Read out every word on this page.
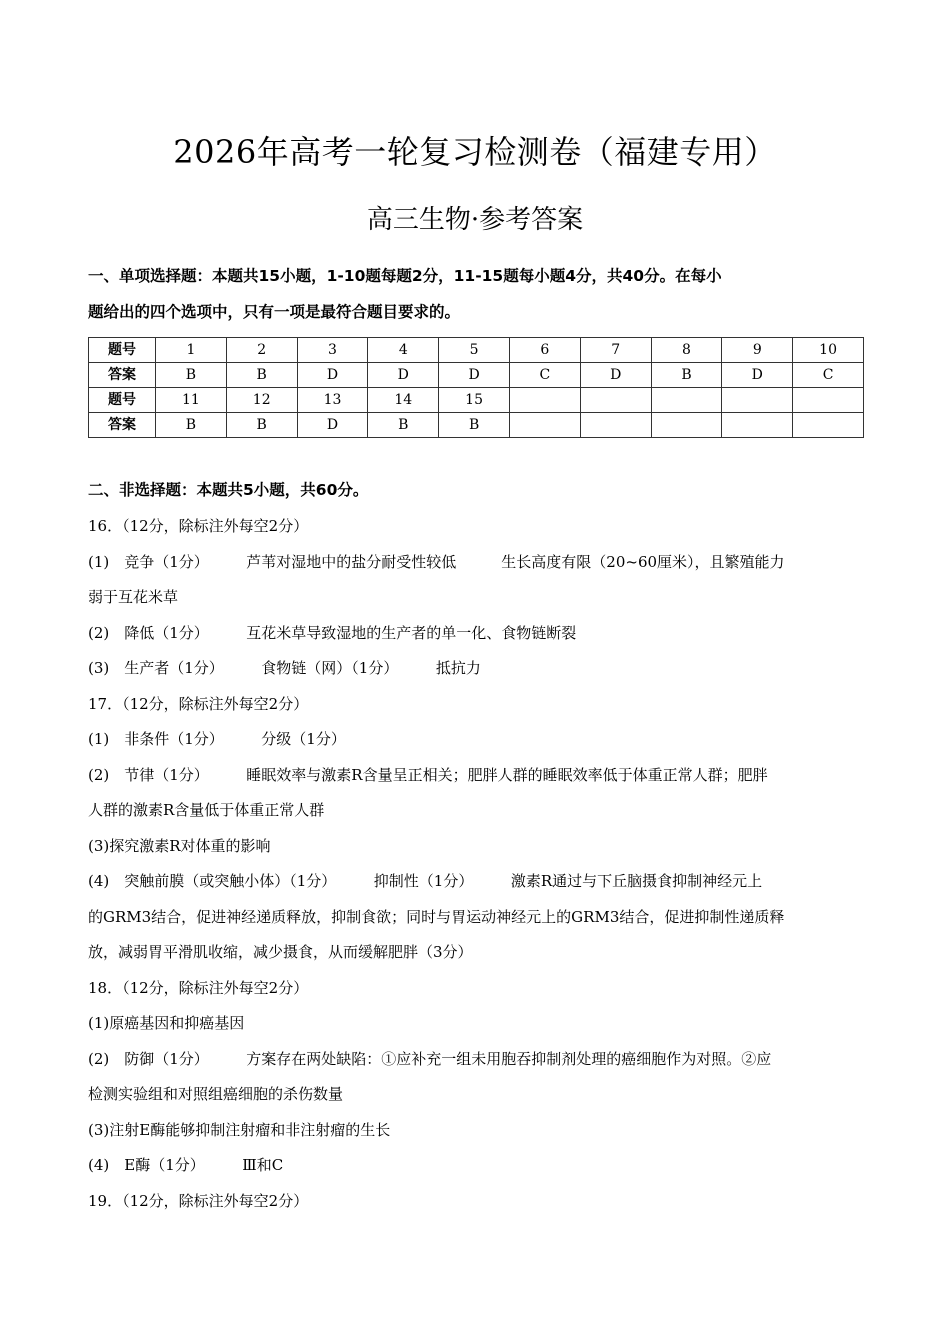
2026年高考一轮复习检测卷（福建专用）
高三生物·参考答案
一、单项选择题：本题共15小题，1-10题每题2分，11-15题每小题4分，共40分。在每小
题给出的四个选项中，只有一项是最符合题目要求的。
题号	1	2	3	4	5	6	7	8	9	10
答案	B	B	D	D	D	C	D	B	D	C
题号	11	12	13	14	15					
答案	B	B	D	B	B					
二、非选择题：本题共5小题，共60分。
16．（12分，除标注外每空2分）
(1)　竞争（1分）　　　芦苇对湿地中的盐分耐受性较低　　　生长高度有限（20~60厘米），且繁殖能力
弱于互花米草
(2)　降低（1分）　　　互花米草导致湿地的生产者的单一化、食物链断裂
(3)　生产者（1分）　　　食物链（网）（1分）　　　抵抗力
17．（12分，除标注外每空2分）
(1)　非条件（1分）　　　分级（1分）
(2)　节律（1分）　　　睡眠效率与激素R含量呈正相关；肥胖人群的睡眠效率低于体重正常人群；肥胖
人群的激素R含量低于体重正常人群
(3)探究激素R对体重的影响
(4)　突触前膜（或突触小体）（1分）　　　抑制性（1分）　　　激素R通过与下丘脑摄食抑制神经元上
的GRM3结合，促进神经递质释放，抑制食欲；同时与胃运动神经元上的GRM3结合，促进抑制性递质释
放，减弱胃平滑肌收缩，减少摄食，从而缓解肥胖（3分）
18．（12分，除标注外每空2分）
(1)原癌基因和抑癌基因
(2)　防御（1分）　　　方案存在两处缺陷：①应补充一组未用胞吞抑制剂处理的癌细胞作为对照。②应
检测实验组和对照组癌细胞的杀伤数量
(3)注射E酶能够抑制注射瘤和非注射瘤的生长
(4)　E酶（1分）　　　Ⅲ和C
19．（12分，除标注外每空2分）
